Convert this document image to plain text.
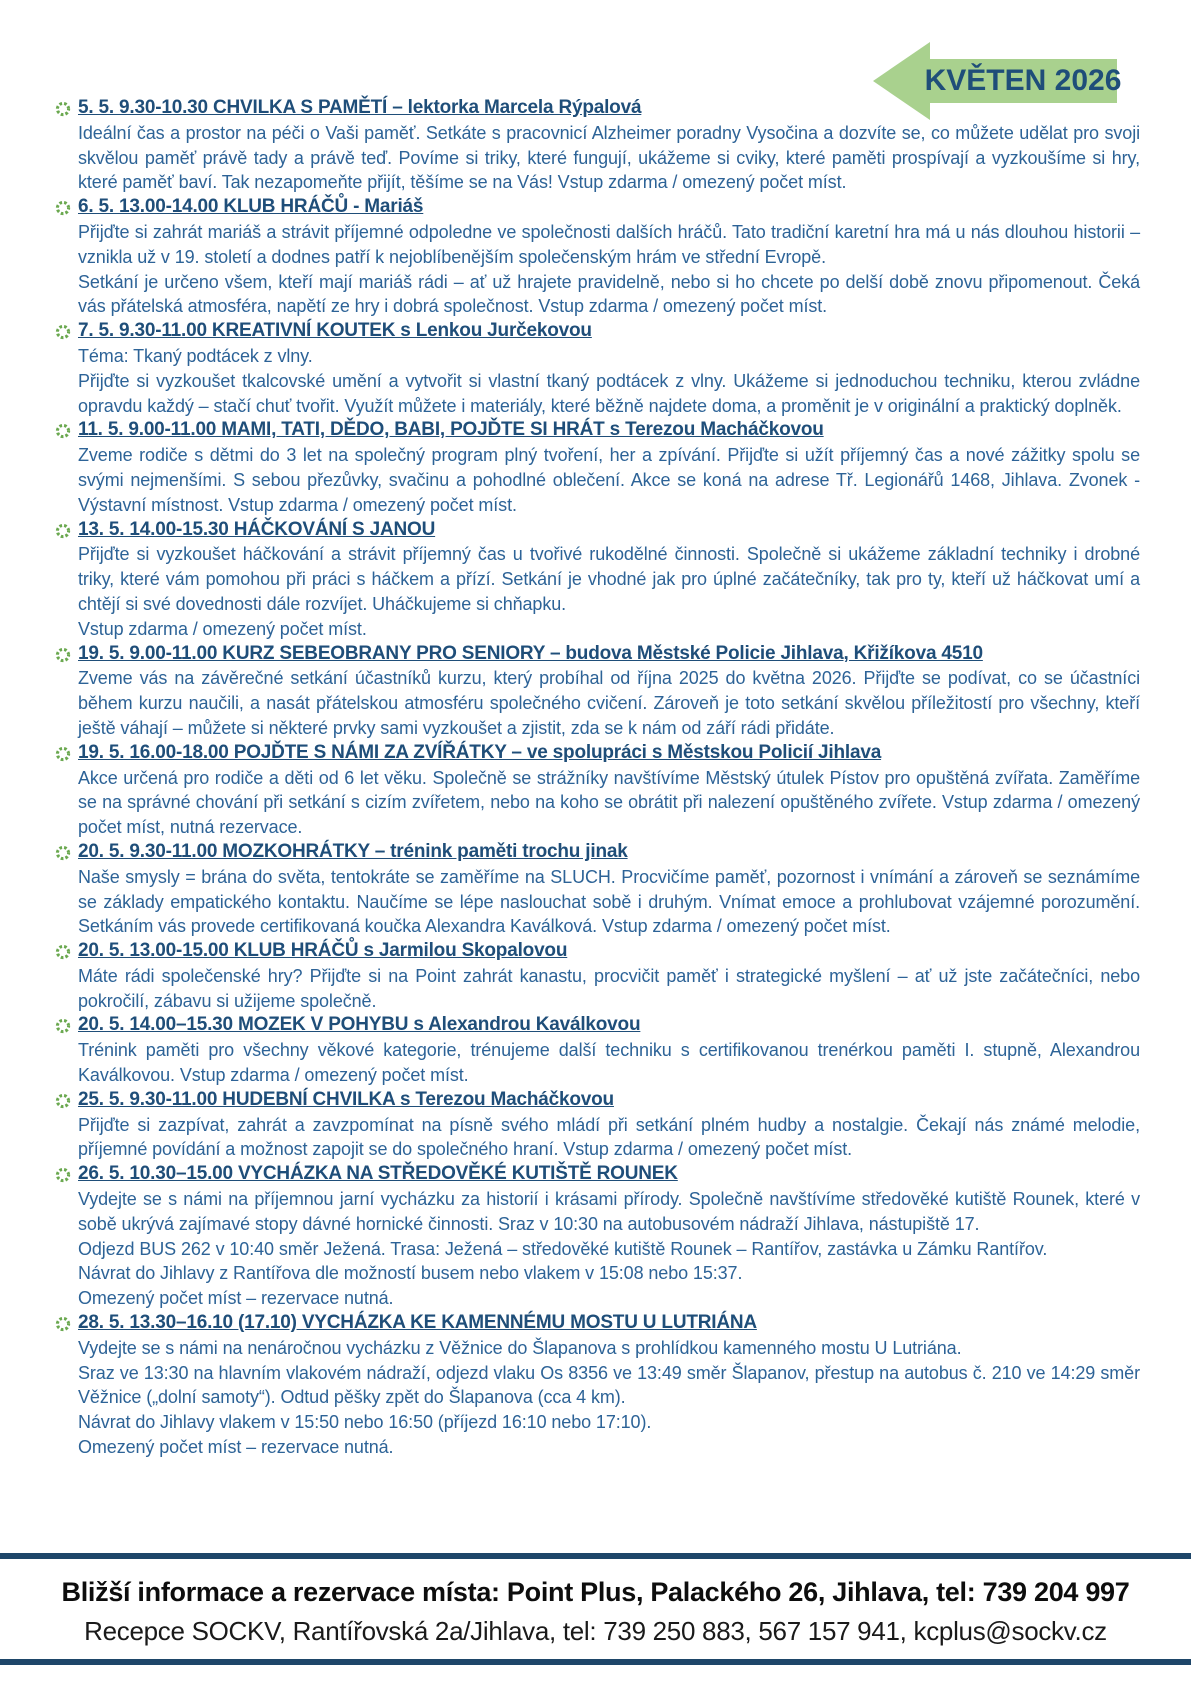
KVĚTEN 2026
5. 5. 9.30-10.30 CHVILKA S PAMĚTÍ – lektorka Marcela Rýpalová

Ideální čas a prostor na péči o Vaši paměť. Setkáte s pracovnicí Alzheimer poradny Vysočina a dozvíte se, co můžete udělat pro svoji skvělou paměť právě tady a právě teď. Povíme si triky, které fungují, ukážeme si cviky, které paměti prospívají a vyzkoušíme si hry, které paměť baví. Tak nezapomeňte přijít, těšíme se na Vás! Vstup zdarma / omezený počet míst.

6. 5. 13.00-14.00 KLUB HRÁČŮ - Mariáš

Přijďte si zahrát mariáš a strávit příjemné odpoledne ve společnosti dalších hráčů. Tato tradiční karetní hra má u nás dlouhou historii – vznikla už v 19. století a dodnes patří k nejoblíbenějším společenským hrám ve střední Evropě.

Setkání je určeno všem, kteří mají mariáš rádi – ať už hrajete pravidelně, nebo si ho chcete po delší době znovu připomenout. Čeká vás přátelská atmosféra, napětí ze hry i dobrá společnost. Vstup zdarma / omezený počet míst.

7. 5. 9.30-11.00 KREATIVNÍ KOUTEK s Lenkou Jurčekovou

Téma: Tkaný podtácek z vlny.

Přijďte si vyzkoušet tkalcovské umění a vytvořit si vlastní tkaný podtácek z vlny. Ukážeme si jednoduchou techniku, kterou zvládne opravdu každý – stačí chuť tvořit. Využít můžete i materiály, které běžně najdete doma, a proměnit je v originální a praktický doplněk.

11. 5. 9.00-11.00 MAMI, TATI, DĚDO, BABI, POJĎTE SI HRÁT s Terezou Macháčkovou

Zveme rodiče s dětmi do 3 let na společný program plný tvoření, her a zpívání. Přijďte si užít příjemný čas a nové zážitky spolu se svými nejmenšími. S sebou přezůvky, svačinu a pohodlné oblečení. Akce se koná na adrese Tř. Legionářů 1468, Jihlava. Zvonek - Výstavní místnost. Vstup zdarma / omezený počet míst.

13. 5. 14.00-15.30 HÁČKOVÁNÍ S JANOU

Přijďte si vyzkoušet háčkování a strávit příjemný čas u tvořivé rukodělné činnosti. Společně si ukážeme základní techniky i drobné triky, které vám pomohou při práci s háčkem a přízí. Setkání je vhodné jak pro úplné začátečníky, tak pro ty, kteří už háčkovat umí a chtějí si své dovednosti dále rozvíjet. Uháčkujeme si chňapku.

Vstup zdarma / omezený počet míst.

19. 5. 9.00-11.00 KURZ SEBEOBRANY PRO SENIORY – budova Městské Policie Jihlava, Křižíkova 4510

Zveme vás na závěrečné setkání účastníků kurzu, který probíhal od října 2025 do května 2026. Přijďte se podívat, co se účastníci během kurzu naučili, a nasát přátelskou atmosféru společného cvičení. Zároveň je toto setkání skvělou příležitostí pro všechny, kteří ještě váhají – můžete si některé prvky sami vyzkoušet a zjistit, zda se k nám od září rádi přidáte.

19. 5. 16.00-18.00 POJĎTE S NÁMI ZA ZVÍŘÁTKY – ve spolupráci s Městskou Policií Jihlava

Akce určená pro rodiče a děti od 6 let věku. Společně se strážníky navštívíme Městský útulek Pístov pro opuštěná zvířata. Zaměříme se na správné chování při setkání s cizím zvířetem, nebo na koho se obrátit při nalezení opuštěného zvířete. Vstup zdarma / omezený počet míst, nutná rezervace.

20. 5. 9.30-11.00 MOZKOHRÁTKY – trénink paměti trochu jinak

Naše smysly = brána do světa, tentokráte se zaměříme na SLUCH. Procvičíme paměť, pozornost i vnímání a zároveň se seznámíme se základy empatického kontaktu. Naučíme se lépe naslouchat sobě i druhým. Vnímat emoce a prohlubovat vzájemné porozumění. Setkáním vás provede certifikovaná koučka Alexandra Kaválková. Vstup zdarma / omezený počet míst.

20. 5. 13.00-15.00 KLUB HRÁČŮ s Jarmilou Skopalovou

Máte rádi společenské hry? Přijďte si na Point zahrát kanastu, procvičit paměť i strategické myšlení – ať už jste začátečníci, nebo pokročilí, zábavu si užijeme společně.

20. 5. 14.00–15.30 MOZEK V POHYBU s Alexandrou Kaválkovou

Trénink paměti pro všechny věkové kategorie, trénujeme další techniku s certifikovanou trenérkou paměti I. stupně, Alexandrou Kaválkovou. Vstup zdarma / omezený počet míst.

25. 5. 9.30-11.00 HUDEBNÍ CHVILKA s Terezou Macháčkovou

Přijďte si zazpívat, zahrát a zavzpomínat na písně svého mládí při setkání plném hudby a nostalgie. Čekají nás známé melodie, příjemné povídání a možnost zapojit se do společného hraní. Vstup zdarma / omezený počet míst.

26. 5. 10.30–15.00 VYCHÁZKA NA STŘEDOVĚKÉ KUTIŠTĚ ROUNEK

Vydejte se s námi na příjemnou jarní vycházku za historií i krásami přírody. Společně navštívíme středověké kutiště Rounek, které v sobě ukrývá zajímavé stopy dávné hornické činnosti. Sraz v 10:30 na autobusovém nádraží Jihlava, nástupiště 17.

Odjezd BUS 262 v 10:40 směr Ježená. Trasa: Ježená – středověké kutiště Rounek – Rantířov, zastávka u Zámku Rantířov.

Návrat do Jihlavy z Rantířova dle možností busem nebo vlakem v 15:08 nebo 15:37.

Omezený počet míst – rezervace nutná.

28. 5. 13.30–16.10 (17.10) VYCHÁZKA KE KAMENNÉMU MOSTU U LUTRIÁNA

Vydejte se s námi na nenáročnou vycházku z Věžnice do Šlapanova s prohlídkou kamenného mostu U Lutriána.

Sraz ve 13:30 na hlavním vlakovém nádraží, odjezd vlaku Os 8356 ve 13:49 směr Šlapanov, přestup na autobus č. 210 ve 14:29 směr Věžnice („dolní samoty“). Odtud pěšky zpět do Šlapanova (cca 4 km).

Návrat do Jihlavy vlakem v 15:50 nebo 16:50 (příjezd 16:10 nebo 17:10).

Omezený počet míst – rezervace nutná.

Bližší informace a rezervace místa: Point Plus, Palackého 26, Jihlava, tel: 739 204 997
Recepce SOCKV, Rantířovská 2a/Jihlava, tel: 739 250 883, 567 157 941, kcplus@sockv.cz
